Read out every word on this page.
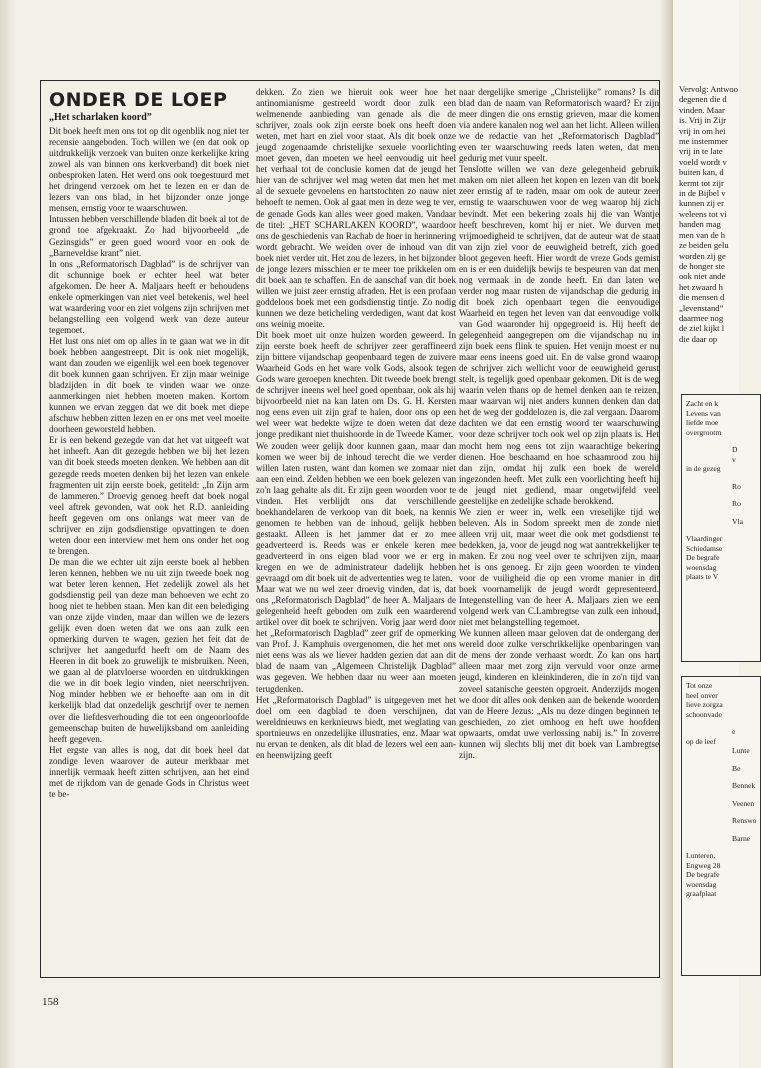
ONDER DE LOEP
„Het scharlaken koord”

Dit boek heeft men ons tot op dit ogenblik nog niet ter recensie aangeboden. Toch willen we (en dat ook op uitdrukkelijk verzoek van buiten onze kerkelijke kring zowel als van binnen ons kerkverband) dit boek niet onbesproken laten. Het werd ons ook toegestuurd met het dringend verzoek om het te lezen en er dan de lezers van ons blad, in het bijzonder onze jonge mensen, ernstig voor te waarschuwen.

Intussen hebben verschillende bladen dit boek al tot de grond toe afgekraakt. Zo had bijvoorbeeld „de Gezinsgids” er geen goed woord voor en ook de „Barneveldse krant” niet.

In ons „Reformatorisch Dagblad” is de schrijver van dit schunnige boek er echter heel wat beter afgekomen. De heer A. Maljaars heeft er behoudens enkele opmerkingen van niet veel betekenis, wel heel wat waardering voor en ziet volgens zijn schrijven met belangstelling een volgend werk van deze auteur tegemoet.

Het lust ons niet om op alles in te gaan wat we in dit boek hebben aangestreept. Dit is ook niet mogelijk, want dan zouden we eigenlijk wel een boek tegenover dit boek kunnen gaan schrijven. Er zijn maar weinige bladzijden in dit boek te vinden waar we onze aanmerkingen niet hebben moeten maken. Kortom kunnen we ervan zeggen dat we dit boek met diepe afschuw hebben zitten lezen en er ons met veel moeite doorheen geworsteld hebben.

Er is een bekend gezegde van dat het vat uitgeeft wat het inheeft. Aan dit gezegde hebben we bij het lezen van dit boek steeds moeten denken. We hebben aan dit gezegde reeds moeten denken bij het lezen van enkele fragmenten uit zijn eerste boek, getiteld: „In Zijn arm de lammeren.” Droevig genoeg heeft dat boek nogal veel aftrek gevonden, wat ook het R.D. aanleiding heeft gegeven om ons onlangs wat meer van de schrijver en zijn godsdienstige opvattingen te doen weten door een interview met hem ons onder het oog te brengen.

De man die we echter uit zijn eerste boek al hebben leren kennen, hebben we nu uit zijn tweede boek nog wat beter leren kennen. Het zedelijk zowel als het godsdienstig peil van deze man behoeven we echt zo hoog niet te hebben staan. Men kan dit een belediging van onze zijde vinden, maar dan willen we de lezers gelijk even doen weten dat we ons aan zulk een opmerking durven te wagen, gezien het feit dat de schrijver het aangedurfd heeft om de Naam des Heeren in dit boek zo gruwelijk te misbruiken. Neen, we gaan al de platvloerse woorden en uitdrukkingen die we in dit boek legio vinden, niet neerschrijven. Nog minder hebben we er behoefte aan om in dit kerkelijk blad dat onzedelijk geschrijf over te nemen over die liefdesverhouding die tot een ongeoorloofde gemeenschap buiten de huwelijksband om aanleiding heeft gegeven.

Het ergste van alles is nog, dat dit boek heel dat zondige leven waarover de auteur merkbaar met innerlijk vermaak heeft zitten schrijven, aan het eind met de rijkdom van de genade Gods in Christus weet te be-

dekken. Zo zien we hieruit ook weer hoe het antinomianisme gestreeld wordt door zulk een welmenende aanbieding van genade als die de schrijver, zoals ook zijn eerste boek ons heeft doen weten, met hart en ziel voor staat. Als dit boek onze jeugd zogenaamde christelijke sexuele voorlichting moet geven, dan moeten we heel eenvoudig uit heel het verhaal tot de conclusie komen dat de jeugd het hier van de schrijver wel mag weten dat men het met al de sexuele gevoelens en hartstochten zo nauw niet behoeft te nemen. Ook al gaat men in deze weg te ver, de genade Gods kan alles weer goed maken. Vandaar de titel: „HET SCHARLAKEN KOORD”, waardoor ons de geschiedenis van Rachab de hoer in herinnering wordt gebracht. We weiden over de inhoud van dit boek niet verder uit. Het zou de lezers, in het bijzonder de jonge lezers misschien er te meer toe prikkelen om dit boek aan te schaffen. En de aanschaf van dit boek willen we juist zeer ernstig afraden. Het is een profaan goddeloos boek met een godsdienstig tintje. Zo nodig kunnen we deze beticheling verdedigen, want dat kost ons weinig moeite.

Dit boek moet uit onze huizen worden geweerd. In zijn eerste boek heeft de schrijver zeer geraffineerd zijn bittere vijandschap geopenbaard tegen de zuivere Waarheid Gods en het ware volk Gods, alsook tegen Gods ware geroepen knechten. Dit tweede boek brengt de schrijver ineens wel heel goed openbaar, ook als hij bijvoorbeeld niet na kan laten om Ds. G. H. Kersten nog eens even uit zijn graf te halen, door ons op een wel weer wat bedekte wijze te doen weten dat deze jonge predikant niet thuishoorde in de Tweede Kamer.

We zouden weer gelijk door kunnen gaan, maar dan komen we weer bij de inhoud terecht die we verder willen laten rusten, want dan komen we zomaar niet aan een eind. Zelden hebben we een boek gelezen van zo'n laag gehalte als dit. Er zijn geen woorden voor te vinden. Het verblijdt ons dat verschillende boekhandelaren de verkoop van dit boek, na kennis genomen te hebben van de inhoud, gelijk hebben gestaakt. Alleen is het jammer dat er zo mee geadverteerd is. Reeds was er enkele keren mee geadverteerd in ons eigen blad voor we er erg in kregen en we de administrateur dadelijk hebben gevraagd om dit boek uit de advertenties weg te laten.

Maar wat we nu wel zeer droevig vinden, dat is, dat ons „Reformatorisch Dagblad” de heer A. Maljaars de gelegenheid heeft geboden om zulk een waarderend artikel over dit boek te schrijven. Vorig jaar werd door het „Reformatorisch Dagblad” zeer grif de opmerking van Prof. J. Kamphuis overgenomen, die het met ons niet eens was als we liever hadden gezien dat aan dit blad de naam van „Algemeen Christelijk Dagblad” was gegeven. We hebben daar nu weer aan moeten terugdenken.

Het „Reformatorisch Dagblad” is uitgegeven met het doel om een dagblad te doen verschijnen, dat wereldnieuws en kerknieuws biedt, met weglating van sportnieuws en onzedelijke illustraties, enz. Maar wat nu ervan te denken, als dit blad de lezers wel een aan- en heenwijzing geeft

naar dergelijke smerige „Christelijke” romans? Is dit blad dan de naam van Reformatorisch waard? Er zijn meer dingen die ons ernstig grieven, maar die komen via andere kanalen nog wel aan het licht. Alleen willen we de redactie van het „Reformatorisch Dagblad” even ter waarschuwing reeds laten weten, dat men gedurig met vuur speelt.

Tenslotte willen we van deze gelegenheid gebruik maken om niet alleen het kopen en lezen van dit boek zeer ernstig af te raden, maar om ook de auteur zeer ernstig te waarschuwen voor de weg waarop hij zich bevindt. Met een bekering zoals hij die van Wantje heeft beschreven, komt hij er niet. We durven met vrijmoedigheid te schrijven, dat de auteur wat de staat van zijn ziel voor de eeuwigheid betreft, zich goed bloot gegeven heeft. Hier wordt de vreze Gods gemist en is er een duidelijk bewijs te bespeuren van dat men nog vermaak in de zonde heeft. En dan laten we verder nog maar rusten de vijandschap die gedurig in dit boek zich openbaart tegen die eenvoudige Waarheid en tegen het leven van dat eenvoudige volk van God waaronder hij opgegroeid is. Hij heeft de gelegenheid aangegrepen om die vijandschap nu in zijn boek eens flink te spuien. Het venijn moest er nu maar eens ineens goed uit. En de valse grond waarop de schrijver zich wellicht voor de eeuwigheid gerust stelt, is tegelijk goed openbaar gekomen. Dit is de weg waarin velen thans op de hemel denken aan te reizen, maar waarvan wij niet anders kunnen denken dan dat het de weg der goddelozen is, die zal vergaan. Daarom dachten we dat een ernstig woord ter waarschuwing voor deze schrijver toch ook wel op zijn plaats is. Het mocht hem nog eens tot zijn waarachtige bekering dienen. Hoe beschaamd en hoe schaamrood zou hij dan zijn, omdat hij zulk een boek de wereld ingezonden heeft. Met zulk een voorlichting heeft hij de jeugd niet gediend, maar ongetwijfeld veel geestelijke en zedelijke schade berokkend.

We zien er weer in, welk een vreselijke tijd we beleven. Als in Sodom spreekt men de zonde niet alleen vrij uit, maar weet die ook met godsdienst te bedekken, ja, voor de jeugd nog wat aantrekkelijker te maken. Er zou nog veel over te schrijven zijn, maar het is ons genoeg. Er zijn geen woorden te vinden voor de vuiligheid die op een vrome manier in dit boek voornamelijk de jeugd wordt gepresenteerd. Integenstelling van de heer A. Maljaars zien we een volgend werk van C.Lambregtse van zulk een inhoud, niet met belangstelling tegemoet.

We kunnen alleen maar geloven dat de ondergang der wereld door zulke verschrikkelijke openbaringen van de mens der zonde verhaast wordt. Zo kan ons hart alleen maar met zorg zijn vervuld voor onze arme jeugd, kinderen en kleinkinderen, die in zo'n tijd van zoveel satanische geesten opgroeit. Anderzijds mogen we door dit alles ook denken aan de bekende woorden van de Heere Jezus: „Als nu deze dingen beginnen te geschieden, zo ziet omhoog en heft uwe hoofden opwaarts, omdat uwe verlossing nabij is.” In zoverre kunnen wij slechts blij met dit boek van Lambregtse zijn.

158

Vervolg: Antwoo

degenen die d

vinden. Maar

is. Vrij in Zijr

vrij in om hei

me instemmer

vrij in te late

voeld wordt v

buiten kan, d

kermt tot zijr

in de Bijbel v

kunnen zij er

weleens tot vi

handen mag

men van de h

ze beiden gelu

worden zij ge

de honger ste

ook niet ande

het zwaard h

die mensen d

„levenstand”

daarmee nog

de ziel kijkt l

die daar op

Zacht en k

Levens van

liefde moe

overgrootm

D

v

in de gezeg

Ro

Ro

Vla

Vlaardinger

Schiedamse

De begrafe

woensdag

plaats te V

Tot onze

heel onver

lieve zorgza

schoonvade

e

op de leef

Lunte

Be

Bennek

Veenen

Renswo

Barne

Lunteren,

Engweg 28

De begrafe

woensdag

graafplaat
